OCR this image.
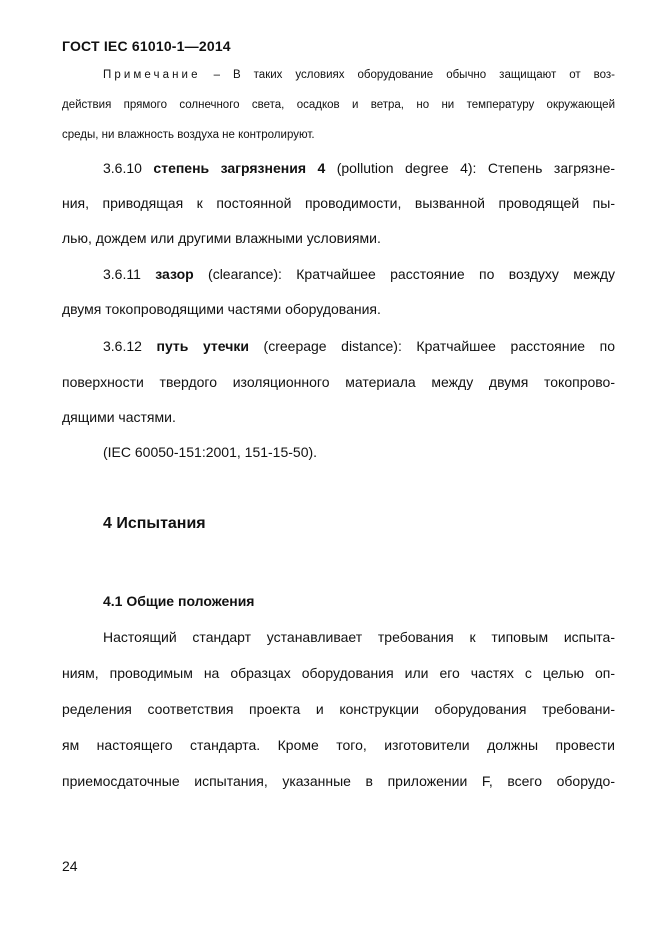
ГОСТ IEC 61010-1—2014
Примечание – В таких условиях оборудование обычно защищают от воз-
действия прямого солнечного света, осадков и ветра, но ни температуру окружающей
среды, ни влажность воздуха не контролируют.
3.6.10 степень загрязнения 4 (pollution degree 4): Степень загрязне-
ния, приводящая к постоянной проводимости, вызванной проводящей пы-
лью, дождем или другими влажными условиями.
3.6.11 зазор (clearance): Кратчайшее расстояние по воздуху между
двумя токопроводящими частями оборудования.
3.6.12 путь утечки (creepage distance): Кратчайшее расстояние по
поверхности твердого изоляционного материала между двумя токопрово-
дящими частями.
(IEC 60050-151:2001, 151-15-50).
4 Испытания
4.1 Общие положения
Настоящий стандарт устанавливает требования к типовым испыта-
ниям, проводимым на образцах оборудования или его частях с целью оп-
ределения соответствия проекта и конструкции оборудования требовани-
ям настоящего стандарта. Кроме того, изготовители должны провести
приемосдаточные испытания, указанные в приложении F, всего оборудо-
24
